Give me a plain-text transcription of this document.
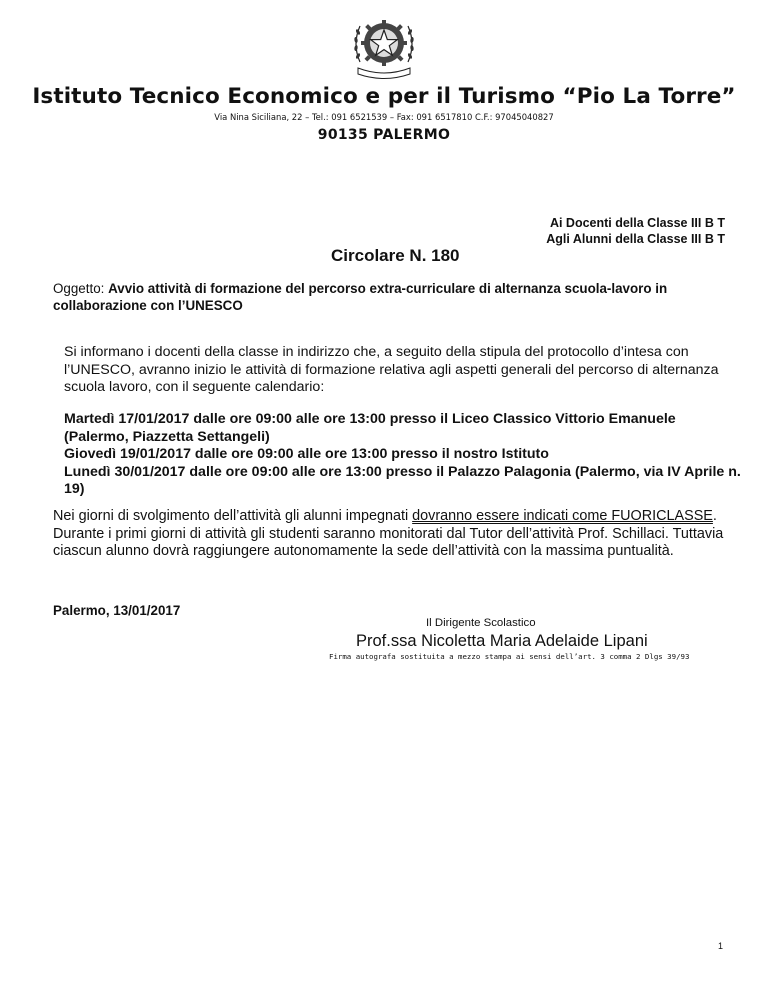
Istituto Tecnico Economico e per il Turismo “Pio La Torre”
Via Nina Siciliana, 22 – Tel.: 091 6521539 – Fax: 091 6517810 C.F.: 97045040827
90135 PALERMO
Ai Docenti della Classe III B T
Agli Alunni della Classe III B T
Circolare N. 180

Oggetto: Avvio attività di formazione del percorso extra-curriculare di alternanza scuola-lavoro in collaborazione con l’UNESCO

Si informano i docenti della classe in indirizzo che, a seguito della stipula del protocollo d’intesa con l’UNESCO, avranno inizio le attività di formazione relativa agli aspetti generali del percorso di alternanza scuola lavoro, con il seguente calendario:

Martedì 17/01/2017 dalle ore 09:00 alle ore 13:00 presso il Liceo Classico Vittorio Emanuele (Palermo, Piazzetta Settangeli)
Giovedì 19/01/2017 dalle ore 09:00 alle ore 13:00 presso il nostro Istituto
Lunedì 30/01/2017 dalle ore 09:00 alle ore 13:00 presso il Palazzo Palagonia (Palermo, via IV Aprile n. 19)

Nei giorni di svolgimento dell’attività gli alunni impegnati dovranno essere indicati come FUORICLASSE.

Durante i primi giorni di attività gli studenti saranno monitorati dal Tutor dell’attività Prof. Schillaci. Tuttavia ciascun alunno dovrà raggiungere autonomamente la sede dell’attività con la massima puntualità.

Palermo, 13/01/2017
Il Dirigente Scolastico
Prof.ssa Nicoletta Maria Adelaide Lipani
Firma autografa sostituita a mezzo stampa ai sensi dell’art. 3 comma 2 Dlgs 39/93
1
